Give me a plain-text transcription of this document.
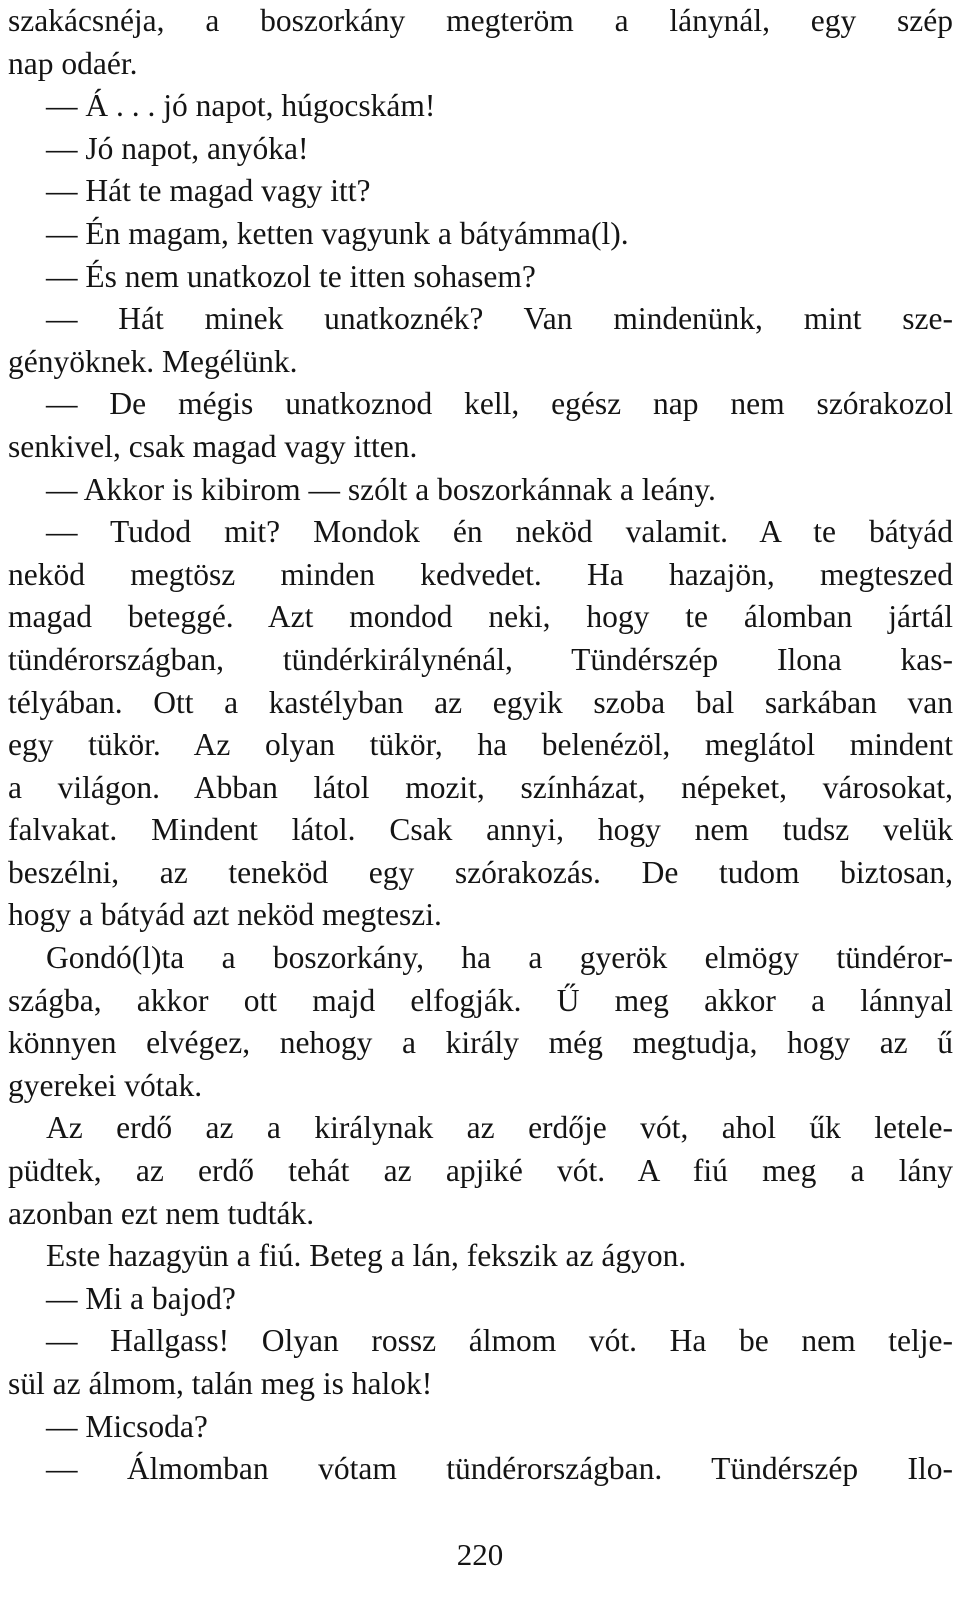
szakácsnéja, a boszorkány megteröm a lánynál, egy szép
nap odaér.
— Á . . . jó napot, húgocskám!
— Jó napot, anyóka!
— Hát te magad vagy itt?
— Én magam, ketten vagyunk a bátyámma(l).
— És nem unatkozol te itten sohasem?
— Hát minek unatkoznék? Van mindenünk, mint sze-
gényöknek. Megélünk.
— De mégis unatkoznod kell, egész nap nem szórakozol
senkivel, csak magad vagy itten.
— Akkor is kibirom — szólt a boszorkánnak a leány.
— Tudod mit? Mondok én neköd valamit. A te bátyád
neköd megtösz minden kedvedet. Ha hazajön, megteszed
magad beteggé. Azt mondod neki, hogy te álomban jártál
tündérországban, tündérkirálynénál, Tündérszép Ilona kas-
télyában. Ott a kastélyban az egyik szoba bal sarkában van
egy tükör. Az olyan tükör, ha belenézöl, meglátol mindent
a világon. Abban látol mozit, színházat, népeket, városokat,
falvakat. Mindent látol. Csak annyi, hogy nem tudsz velük
beszélni, az teneköd egy szórakozás. De tudom biztosan,
hogy a bátyád azt neköd megteszi.
Gondó(l)ta a boszorkány, ha a gyerök elmögy tündéror-
szágba, akkor ott majd elfogják. Ű meg akkor a lánnyal
könnyen elvégez, nehogy a király még megtudja, hogy az ű
gyerekei vótak.
Az erdő az a királynak az erdője vót, ahol űk letele-
püdtek, az erdő tehát az apjiké vót. A fiú meg a lány
azonban ezt nem tudták.
Este hazagyün a fiú. Beteg a lán, fekszik az ágyon.
— Mi a bajod?
— Hallgass! Olyan rossz álmom vót. Ha be nem telje-
sül az álmom, talán meg is halok!
— Micsoda?
— Álmomban vótam tündérországban. Tündérszép Ilo-
220
